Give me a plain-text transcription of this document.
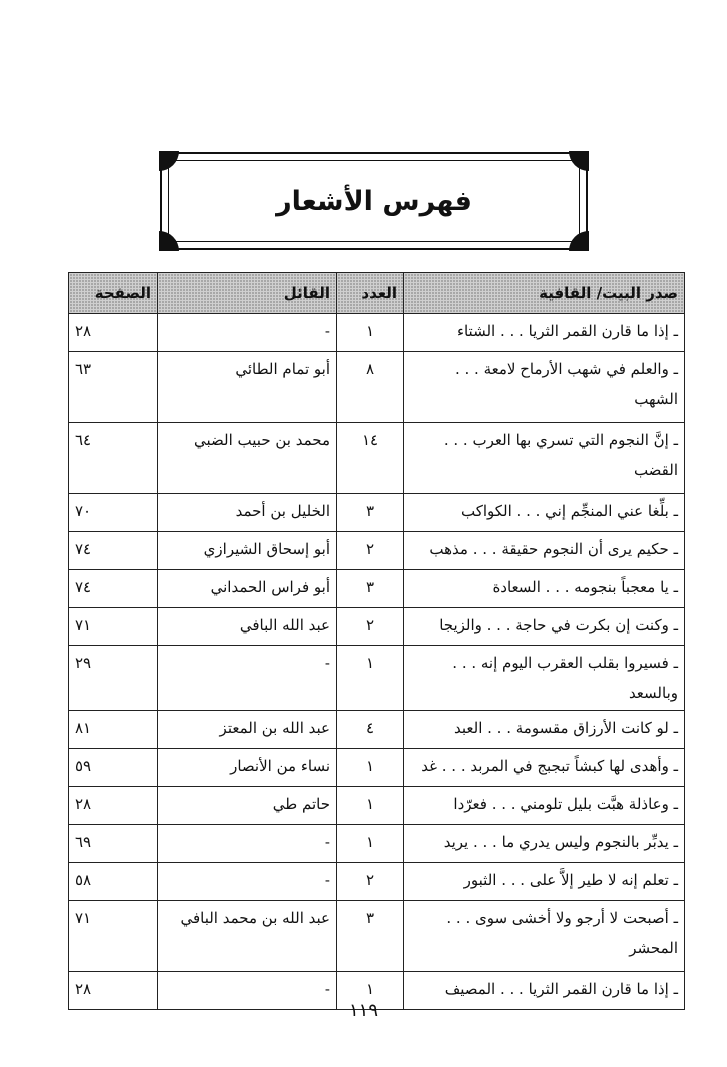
فهرس الأشعار
صدر البيت/ القافية	العدد	القائل	الصفحة
ـ إذا ما قارن القمر الثريا . . . الشتاء	١	-	٢٨
ـ والعلم في شهب الأرماح لامعة . . . الشهب	٨	أبو تمام الطائي	٦٣
ـ إنَّ النجوم التي تسري بها العرب . . . القضب	١٤	محمد بن حبيب الضبي	٦٤
ـ بلِّغا عني المنجِّم إني . . . الكواكب	٣	الخليل بن أحمد	٧٠
ـ حكيم يرى أن النجوم حقيقة . . . مذهب	٢	أبو إسحاق الشيرازي	٧٤
ـ يا معجباً بنجومه . . . السعادة	٣	أبو فراس الحمداني	٧٤
ـ وكنت إن بكرت في حاجة . . . والزيجا	٢	عبد الله البافي	٧١
ـ فسيروا بقلب العقرب اليوم إنه . . . وبالسعد	١	-	٢٩
ـ لو كانت الأرزاق مقسومة . . . العبد	٤	عبد الله بن المعتز	٨١
ـ وأهدى لها كبشاً تبجبج في المربد . . . غد	١	نساء من الأنصار	٥٩
ـ وعاذلة هبَّت بليل تلومني . . . فعرّدا	١	حاتم طي	٢٨
ـ يدبِّر بالنجوم وليس يدري ما . . . يريد	١	-	٦٩
ـ تعلم إنه لا طير إلاَّ على . . . الثبور	٢	-	٥٨
ـ أصبحت لا أرجو ولا أخشى سوى . . . المحشر	٣	عبد الله بن محمد البافي	٧١
ـ إذا ما قارن القمر الثريا . . . المصيف	١	-	٢٨
١١٩
